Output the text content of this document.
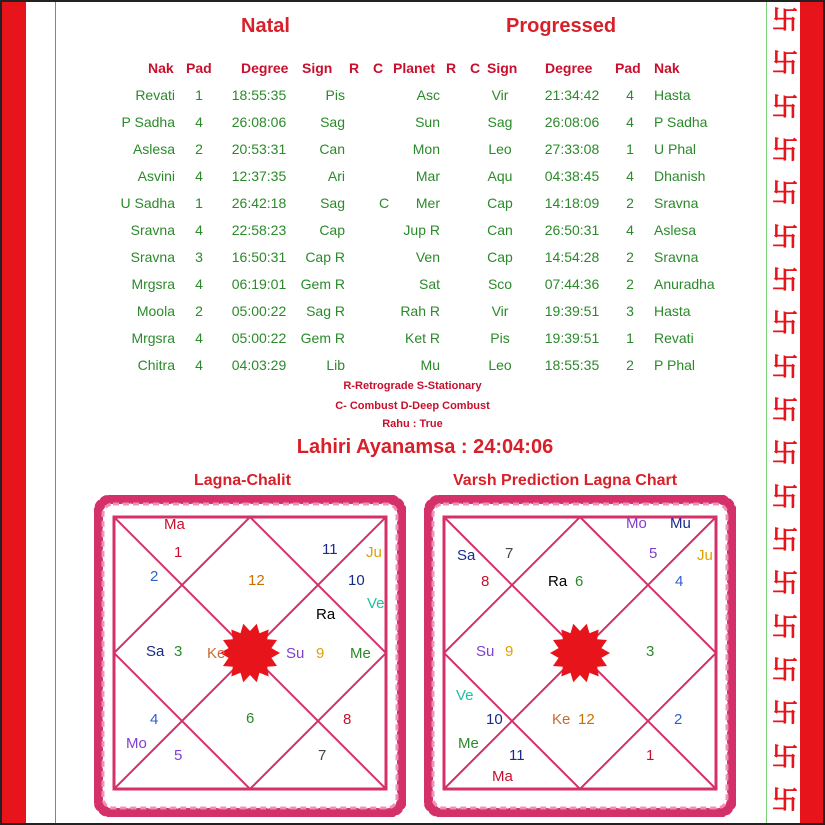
卐
卐
卐
卐
卐
卐
卐
卐
卐
卐
卐
卐
卐
卐
卐
卐
卐
卐
卐
Natal	Progressed
Nak Pad Degree Sign R C Planet R C Sign Degree Pad Nak
Revati 1 18:55:35	Pis	Asc	Vir	21:34:42 4 Hasta
P Sadha 4 26:08:06 Sag	Sun	Sag 26:08:06 4 P Sadha
Aslesa 2 20:53:31 Can	Mon	Leo 27:33:08 1 U Phal
Asvini 4 12:37:35	Ari	Mar	Aqu 04:38:45 4 Dhanish
U Sadha 1 26:42:18 Sag C Mer	Cap 14:18:09 2 Sravna
Sravna 4 22:58:23 Cap	Jup R	Can 26:50:31 4 Aslesa
Sravna 3 16:50:31 Cap R	Ven	Cap 14:54:28 2 Sravna
Mrgsra 4 06:19:01 Gem R	Sat	Sco 07:44:36 2 Anuradha
Moola 2 05:00:22 Sag R	Rah R	Vir	19:39:51 3 Hasta
Mrgsra 4 05:00:22 Gem R	Ket R	Pis	19:39:51 1 Revati
Chitra 4 04:03:29	Lib	Mu	Leo 18:55:35 2 P Phal
R-Retrograde S-Stationary
C- Combust D-Deep Combust
Rahu : True
Lahiri Ayanamsa : 24:04:06
Lagna-Chalit	Varsh Prediction Lagna Chart
Ma
1	11 Ju
2	12	10
Ve
Ra
Sa 3 Ke	Su 9 Me
4	6	8
Mo
5	7
Mo Mu
Sa 7	5	Ju
8	Ra 6	4
Su 9	3
Ve
10	Ke 12	2
Me
11	1
Ma
